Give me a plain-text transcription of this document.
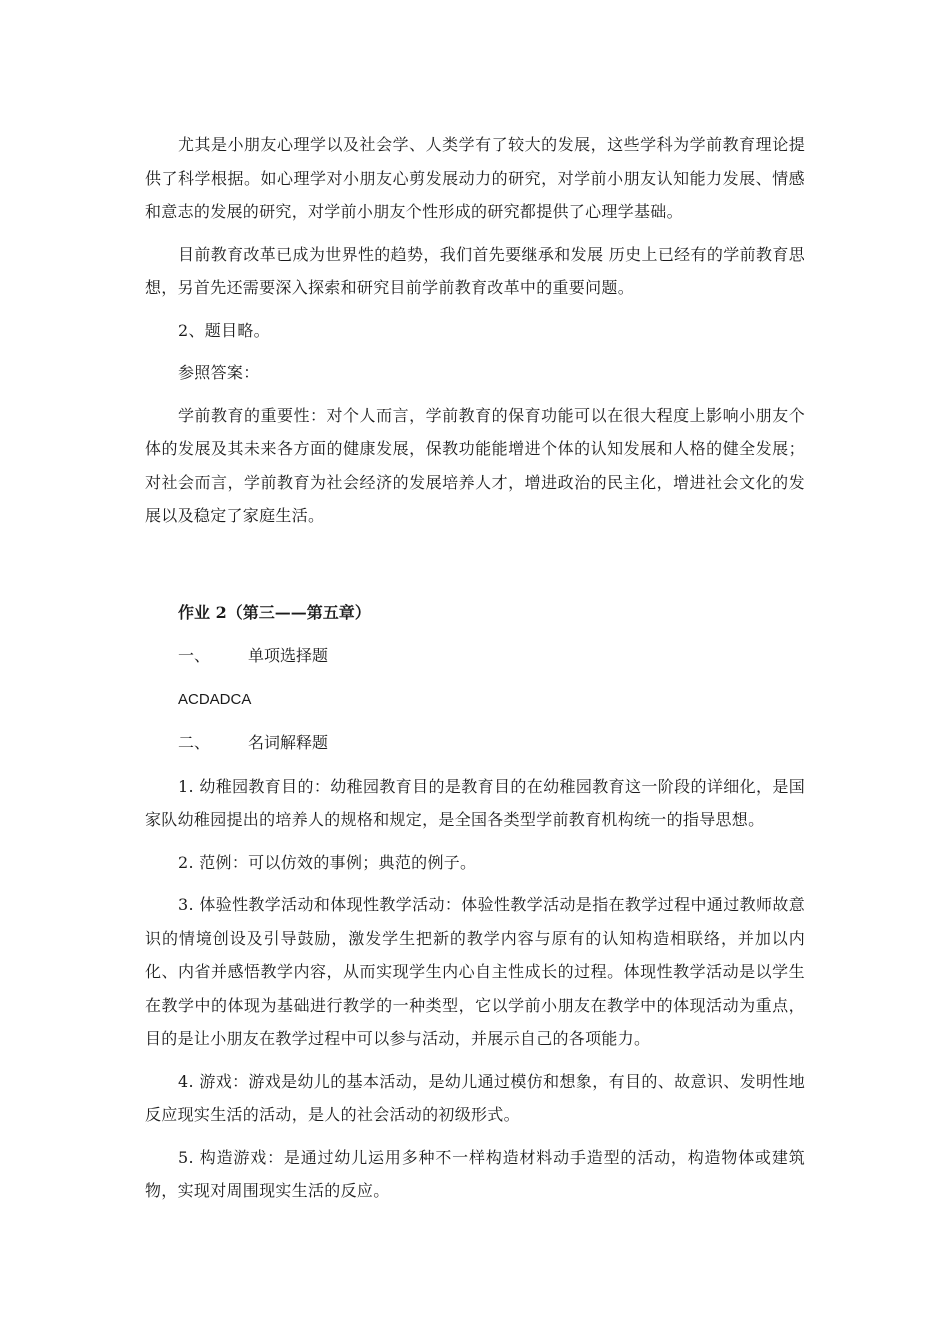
尤其是小朋友心理学以及社会学、人类学有了较大的发展，这些学科为学前教育理论提供了科学根据。如心理学对小朋友心剪发展动力的研究，对学前小朋友认知能力发展、情感和意志的发展的研究，对学前小朋友个性形成的研究都提供了心理学基础。

目前教育改革已成为世界性的趋势，我们首先要继承和发展 历史上已经有的学前教育思想，另首先还需要深入探索和研究目前学前教育改革中的重要问题。

2、题目略。

参照答案：

学前教育的重要性：对个人而言，学前教育的保育功能可以在很大程度上影响小朋友个体的发展及其未来各方面的健康发展，保教功能能增进个体的认知发展和人格的健全发展；对社会而言，学前教育为社会经济的发展培养人才，增进政治的民主化，增进社会文化的发展以及稳定了家庭生活。

作业 2（第三——第五章）

一、	单项选择题

ACDADCA

二、	名词解释题

1. 幼稚园教育目的：幼稚园教育目的是教育目的在幼稚园教育这一阶段的详细化，是国家队幼稚园提出的培养人的规格和规定，是全国各类型学前教育机构统一的指导思想。

2. 范例：可以仿效的事例；典范的例子。

3. 体验性教学活动和体现性教学活动：体验性教学活动是指在教学过程中通过教师故意识的情境创设及引导鼓励，激发学生把新的教学内容与原有的认知构造相联络，并加以内化、内省并感悟教学内容，从而实现学生内心自主性成长的过程。体现性教学活动是以学生在教学中的体现为基础进行教学的一种类型，它以学前小朋友在教学中的体现活动为重点，目的是让小朋友在教学过程中可以参与活动，并展示自己的各项能力。

4. 游戏：游戏是幼儿的基本活动，是幼儿通过模仿和想象，有目的、故意识、发明性地反应现实生活的活动，是人的社会活动的初级形式。

5. 构造游戏：是通过幼儿运用多种不一样构造材料动手造型的活动，构造物体或建筑物，实现对周围现实生活的反应。
